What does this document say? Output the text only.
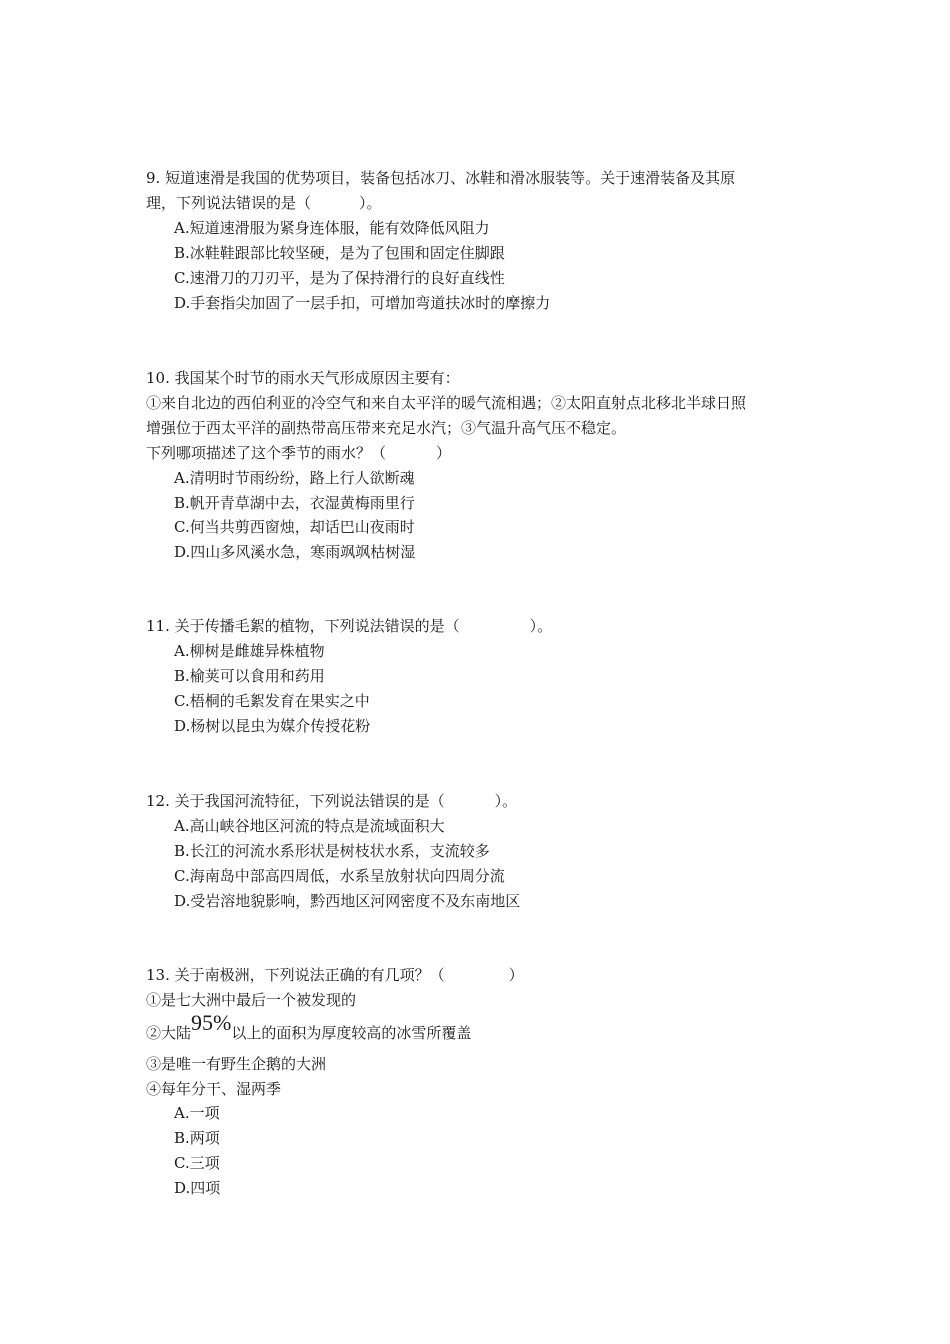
9. 短道速滑是我国的优势项目，装备包括冰刀、冰鞋和滑冰服装等。关于速滑装备及其原
理，下列说法错误的是（	）。
A.短道速滑服为紧身连体服，能有效降低风阻力
B.冰鞋鞋跟部比较坚硬，是为了包围和固定住脚跟
C.速滑刀的刀刃平，是为了保持滑行的良好直线性
D.手套指尖加固了一层手扣，可增加弯道扶冰时的摩擦力
10. 我国某个时节的雨水天气形成原因主要有：
①来自北边的西伯利亚的冷空气和来自太平洋的暖气流相遇；②太阳直射点北移北半球日照
增强位于西太平洋的副热带高压带来充足水汽；③气温升高气压不稳定。
下列哪项描述了这个季节的雨水？（	）
A.清明时节雨纷纷，路上行人欲断魂
B.帆开青草湖中去，衣湿黄梅雨里行
C.何当共剪西窗烛，却话巴山夜雨时
D.四山多风溪水急，寒雨飒飒枯树湿
11. 关于传播毛絮的植物，下列说法错误的是（	）。
A.柳树是雌雄异株植物
B.榆荚可以食用和药用
C.梧桐的毛絮发育在果实之中
D.杨树以昆虫为媒介传授花粉
12. 关于我国河流特征，下列说法错误的是（	）。
A.高山峡谷地区河流的特点是流域面积大
B.长江的河流水系形状是树枝状水系，支流较多
C.海南岛中部高四周低，水系呈放射状向四周分流
D.受岩溶地貌影响，黔西地区河网密度不及东南地区
13. 关于南极洲，下列说法正确的有几项？（	）
①是七大洲中最后一个被发现的
②大陆95%以上的面积为厚度较高的冰雪所覆盖
③是唯一有野生企鹅的大洲
④每年分干、湿两季
A.一项
B.两项
C.三项
D.四项
